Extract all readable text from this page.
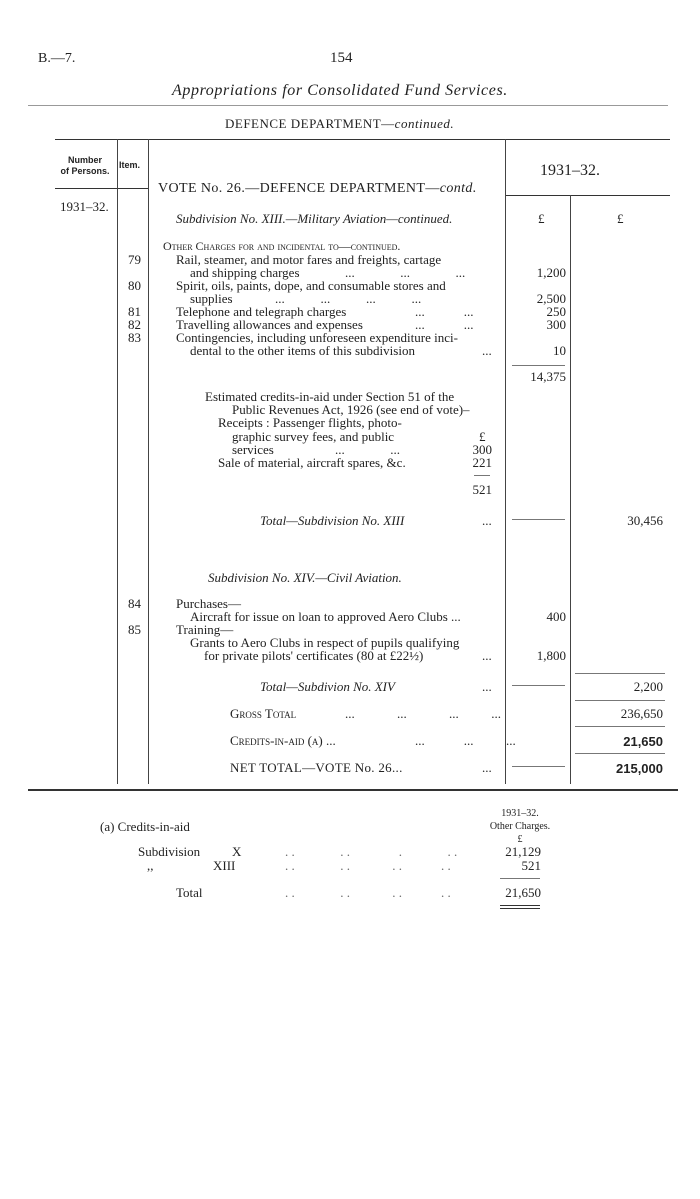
B.—7.	154
Appropriations for Consolidated Fund Services.
DEFENCE DEPARTMENT—continued.
Number
of Persons.
Item.	1931–32.
VOTE No. 26.—DEFENCE DEPARTMENT—contd.
1931–32.
Subdivision No. XIII.—Military Aviation—continued.	£	£
Other Charges for and incidental to—continued.
79	Rail, steamer, and motor fares and freights, cartage
and shipping charges	...              ...              ...	1,200
80	Spirit, oils, paints, dope, and consumable stores and
supplies	...           ...           ...           ...	2,500
81	Telephone and telegraph charges	...            ...	250
82	Travelling allowances and expenses	...            ...	300
83	Contingencies, including unforeseen expenditure inci-
dental to the other items of this subdivision	...	10
14,375
Estimated credits-in-aid under Section 51 of the
Public Revenues Act, 1926 (see end of vote)–
Receipts : Passenger flights, photo-
graphic survey fees, and public	£
services	...              ...	300
Sale of material, aircraft spares, &c.	221
521
Total—Subdivision No. XIII	...	30,456
Subdivision No. XIV.—Civil Aviation.
84	Purchases—
Aircraft for issue on loan to approved Aero Clubs ...	400
85	Training—
Grants to Aero Clubs in respect of pupils qualifying
for private pilots' certificates (80 at £22½)	...	1,800
Total—Subdivion No. XIV	...	2,200
Gross Total	...             ...             ...          ...	236,650
Credits-in-aid (a) ...	...            ...          ...	21,650
NET TOTAL—VOTE No. 26...	...	215,000
(a) Credits-in-aid
1931–32.
Other Charges.
£
Subdivision X	. .              . .               .              . .	21,129
,,	XIII	. .              . .             . .            . .	521
Total	. .              . .             . .            . .	21,650
